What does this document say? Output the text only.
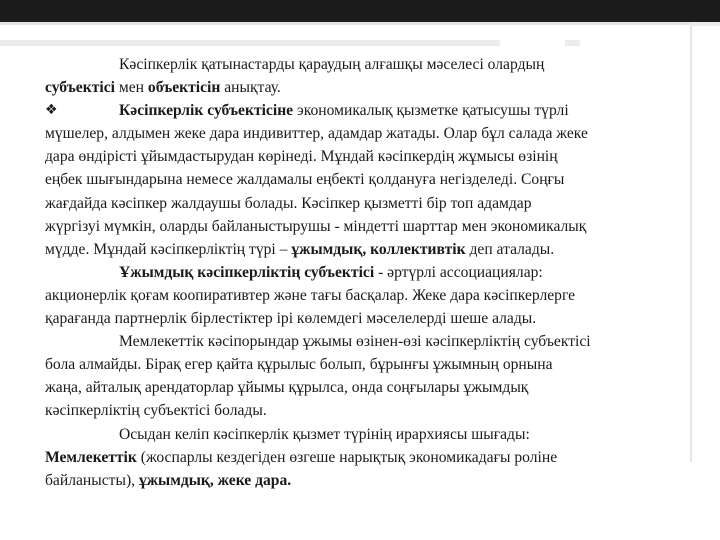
Кәсіпкерлік қатынастарды қараудың алғашқы мәселесі олардың

субъектісі мен объектісін анықтау.

❖	Кәсіпкерлік субъектісіне экономикалық қызметке қатысушы түрлі

мүшелер, алдымен жеке дара индивиттер, адамдар жатады. Олар бұл салада жеке

дара өндірісті ұйымдастырудан көрінеді. Мұндай кәсіпкердің жұмысы өзінің

еңбек шығындарына немесе жалдамалы еңбекті қолдануға негізделеді. Соңғы

жағдайда кәсіпкер жалдаушы болады. Кәсіпкер қызметті бір топ адамдар

жүргізуі мүмкін, оларды байланыстырушы - міндетті шарттар мен экономикалық

мүдде. Мұндай кәсіпкерліктің түрі – ұжымдық, коллективтік деп аталады.

Ұжымдық кәсіпкерліктің субъектісі - әртүрлі ассоциациялар:

акционерлік қоғам коопиративтер және тағы басқалар. Жеке дара кәсіпкерлерге

қарағанда партнерлік бірлестіктер ірі көлемдегі мәселелерді шеше алады.

Мемлекеттік кәсіпорындар ұжымы өзінен-өзі кәсіпкерліктің субъектісі

бола алмайды. Бірақ егер қайта құрылыс болып, бұрынғы ұжымның орнына

жаңа, айталық арендаторлар ұйымы құрылса, онда соңғылары ұжымдық

кәсіпкерліктің субъектісі болады.

Осыдан келіп кәсіпкерлік қызмет түрінің ирархиясы шығады:

Мемлекеттік (жоспарлы кездегіден өзгеше нарықтық экономикадағы роліне

байланысты), ұжымдық, жеке дара.
